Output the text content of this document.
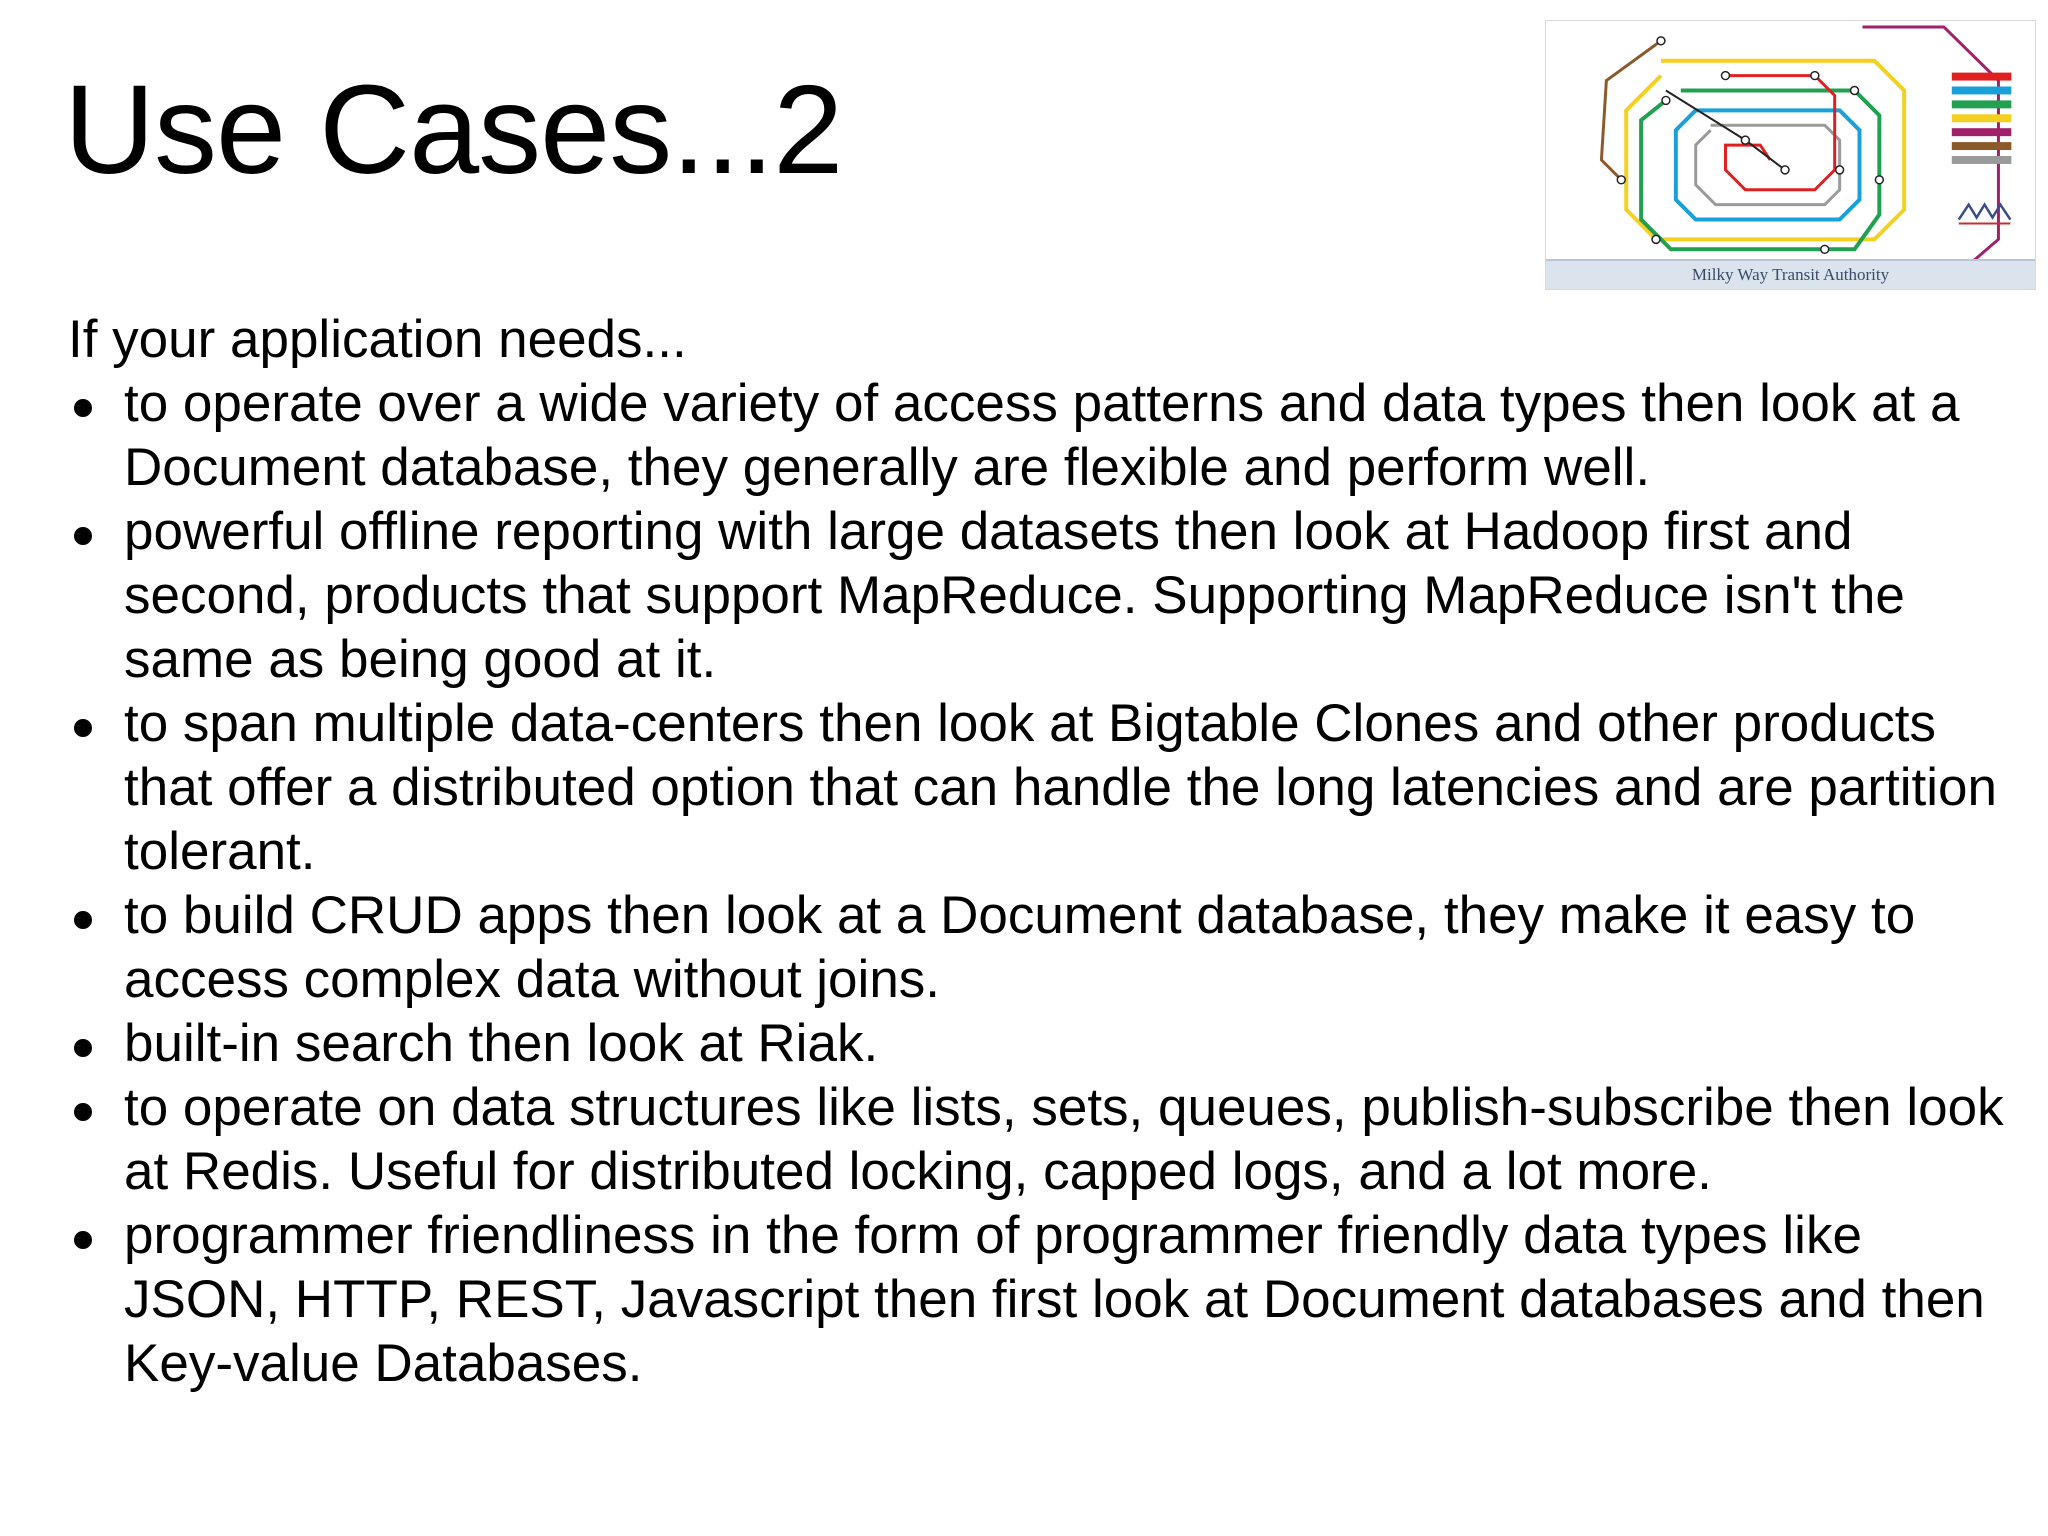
Use Cases...2
Milky Way Transit Authority

If your application needs...

to operate over a wide variety of access patterns and data types then look at a Document database, they generally are flexible and perform well.
powerful offline reporting with large datasets then look at Hadoop first and second, products that support MapReduce. Supporting MapReduce isn't the same as being good at it.
to span multiple data-centers then look at Bigtable Clones and other products that offer a distributed option that can handle the long latencies and are partition tolerant.
to build CRUD apps then look at a Document database, they make it easy to access complex data without joins.
built-in search then look at Riak.
to operate on data structures like lists, sets, queues, publish-subscribe then look at Redis. Useful for distributed locking, capped logs, and a lot more.
programmer friendliness in the form of programmer friendly data types like JSON, HTTP, REST, Javascript then first look at Document databases and then Key-value Databases.
